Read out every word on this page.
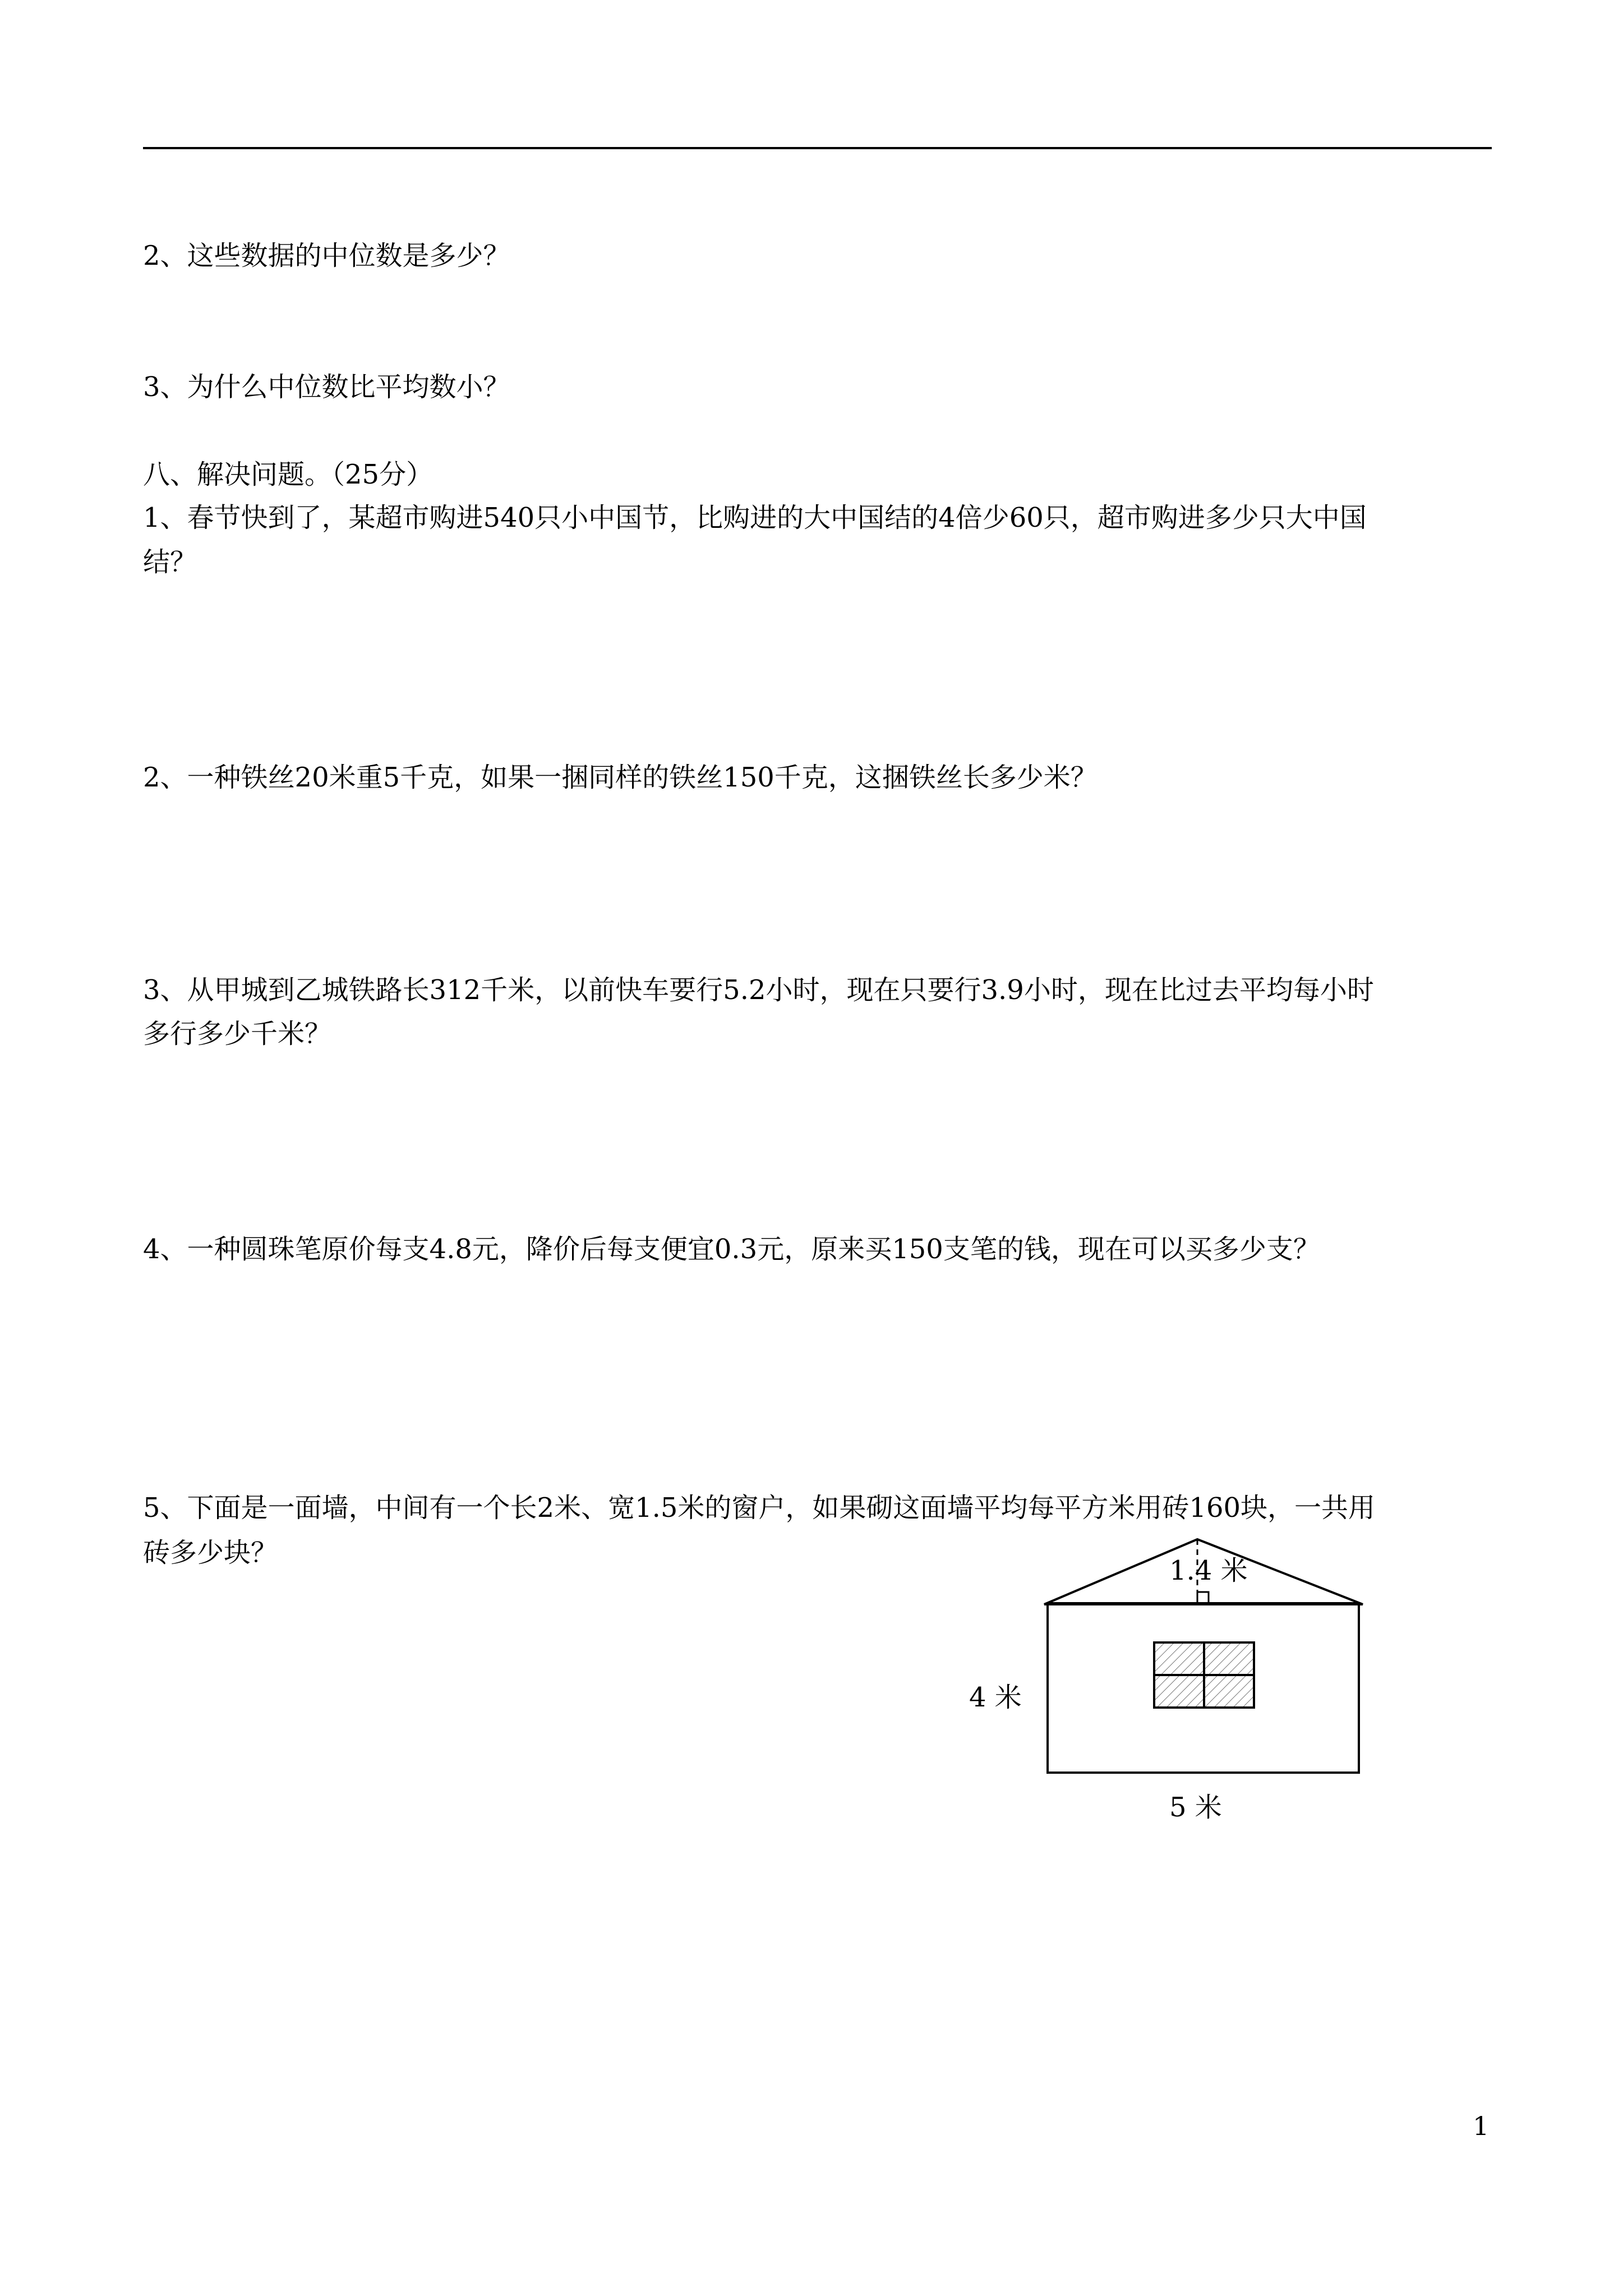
2、这些数据的中位数是多少？
3、为什么中位数比平均数小？
八、解决问题。（25分）
1、春节快到了，某超市购进540只小中国节，比购进的大中国结的4倍少60只，超市购进多少只大中国
结？
2、一种铁丝20米重5千克，如果一捆同样的铁丝150千克，这捆铁丝长多少米？
3、从甲城到乙城铁路长312千米，以前快车要行5.2小时，现在只要行3.9小时，现在比过去平均每小时
多行多少千米？
4、一种圆珠笔原价每支4.8元，降价后每支便宜0.3元，原来买150支笔的钱，现在可以买多少支？
5、下面是一面墙，中间有一个长2米、宽1.5米的窗户，如果砌这面墙平均每平方米用砖160块，一共用
砖多少块？
1.4 米
4 米
5 米
1
